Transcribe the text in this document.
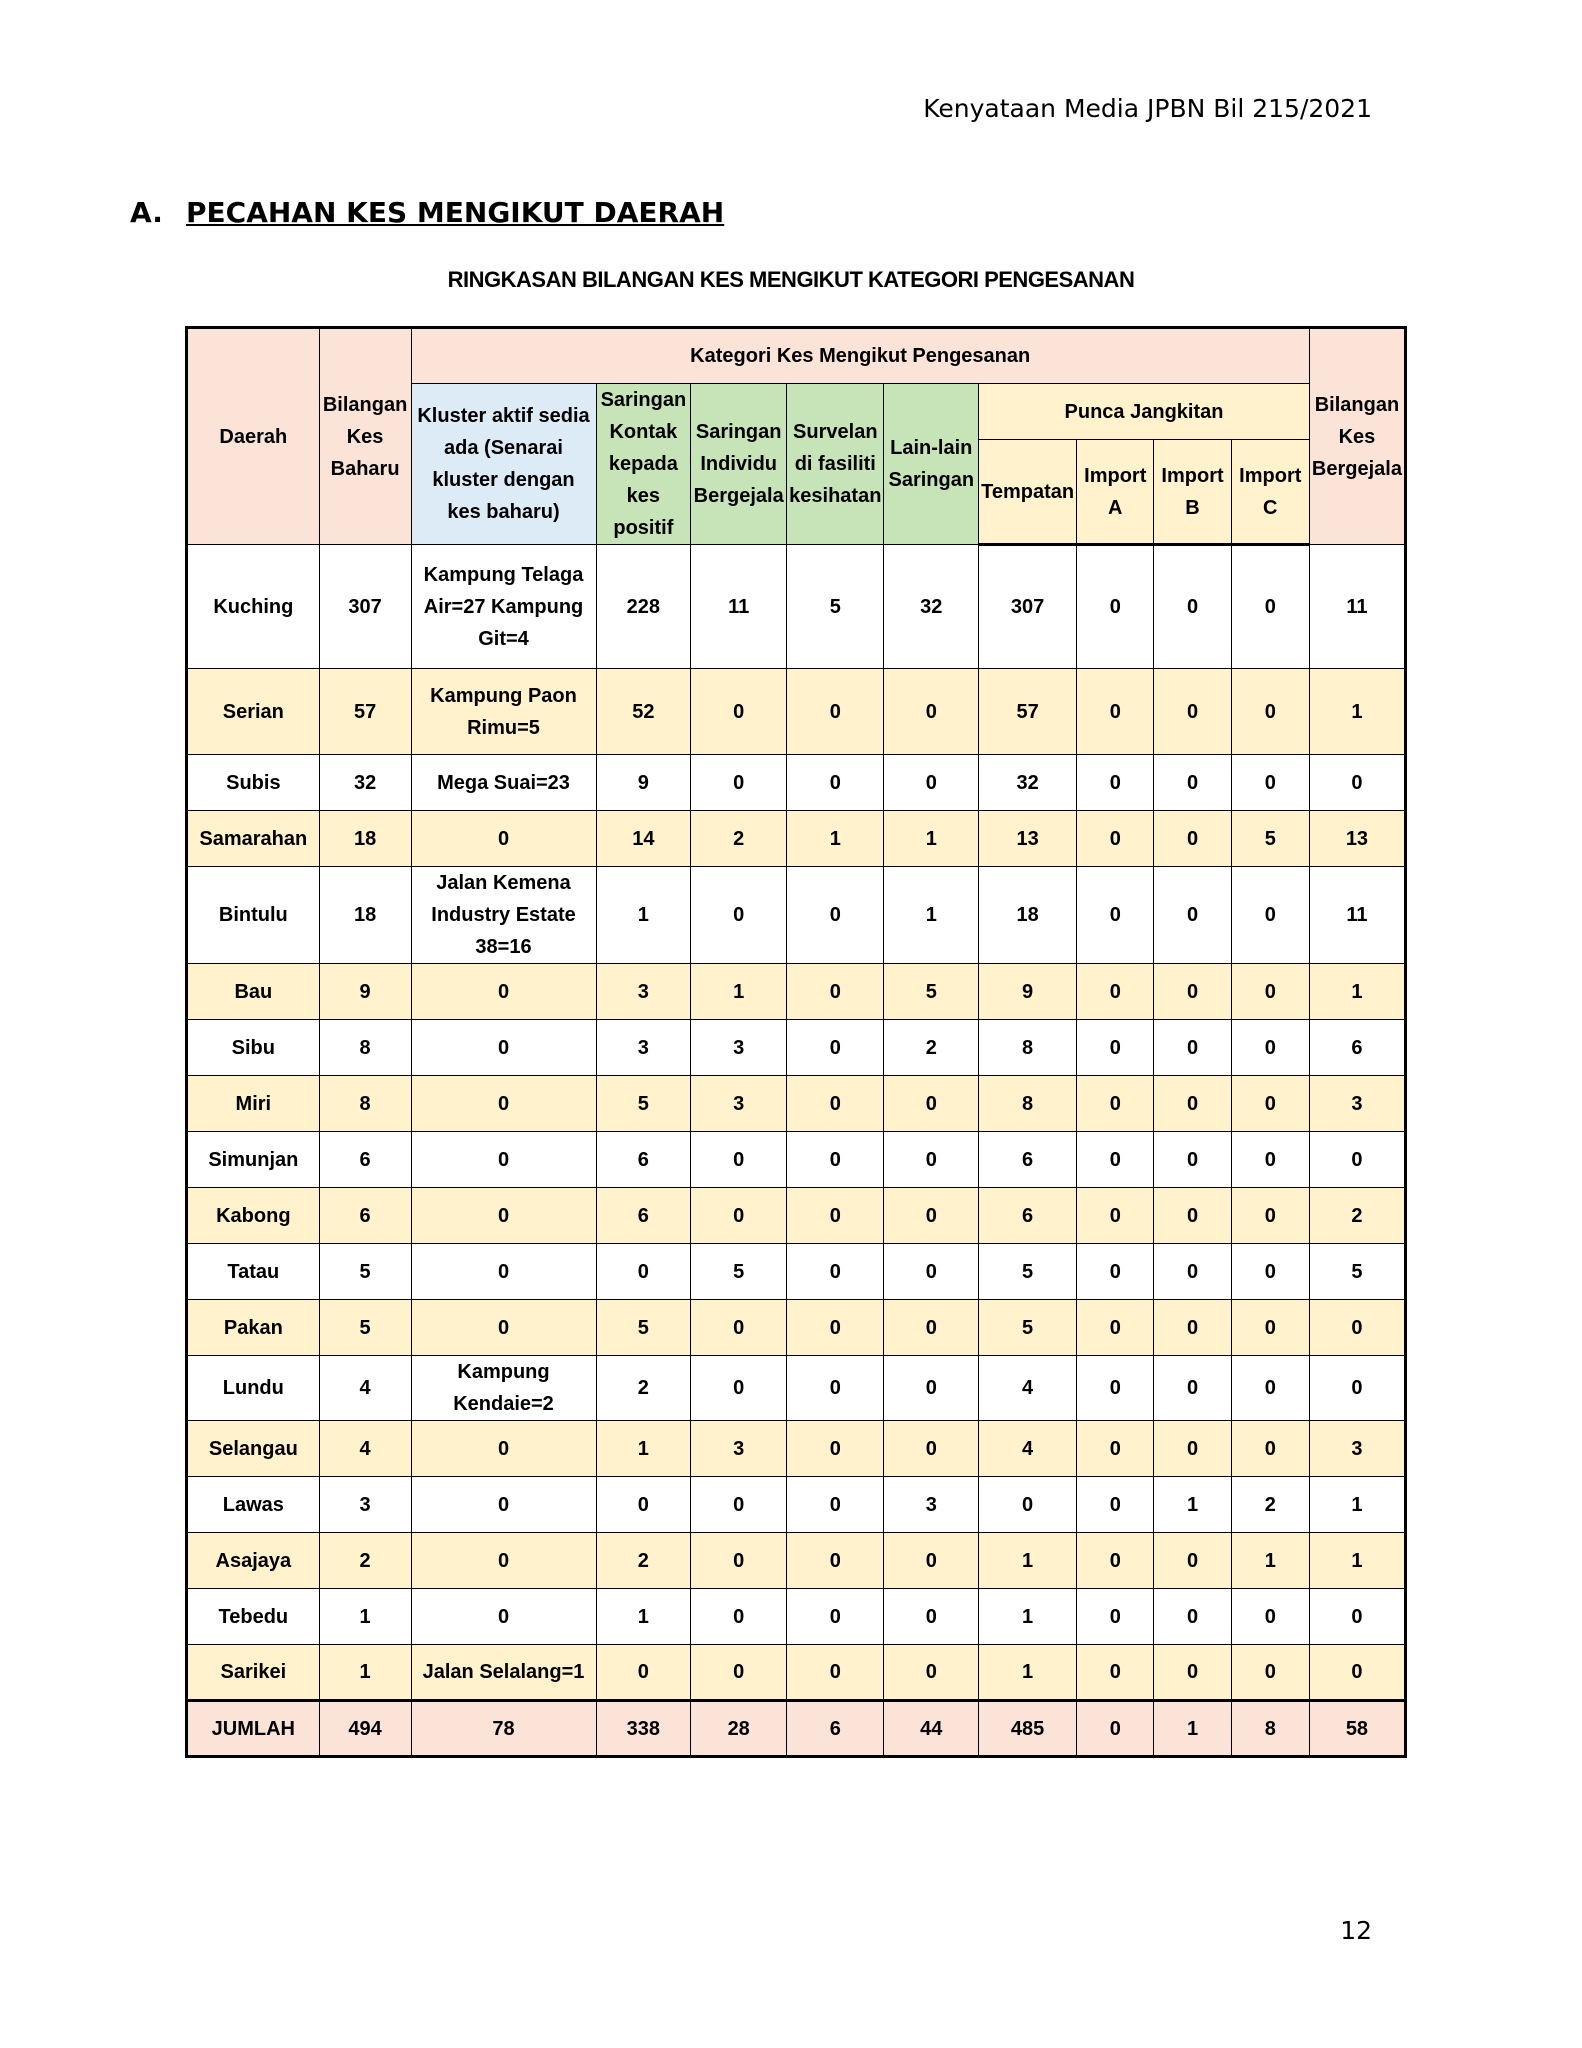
Kenyataan Media JPBN Bil 215/2021
A. PECAHAN KES MENGIKUT DAERAH
RINGKASAN BILANGAN KES MENGIKUT KATEGORI PENGESANAN
Daerah	Bilangan Kes Baharu	Kategori Kes Mengikut Pengesanan									Bilangan Kes Bergejala
		Kluster aktif sedia ada (Senarai kluster dengan kes baharu)	Saringan Kontak kepada kes positif	Saringan Individu Bergejala	Survelan di fasiliti kesihatan	Lain-lain Saringan	Punca Jangkitan				
							Tempatan	Import A	Import B	Import C	
Kuching	307	Kampung Telaga Air=27 Kampung Git=4	228	11	5	32	307	0	0	0	11
Serian	57	Kampung Paon Rimu=5	52	0	0	0	57	0	0	0	1
Subis	32	Mega Suai=23	9	0	0	0	32	0	0	0	0
Samarahan	18	0	14	2	1	1	13	0	0	5	13
Bintulu	18	Jalan Kemena Industry Estate 38=16	1	0	0	1	18	0	0	0	11
Bau	9	0	3	1	0	5	9	0	0	0	1
Sibu	8	0	3	3	0	2	8	0	0	0	6
Miri	8	0	5	3	0	0	8	0	0	0	3
Simunjan	6	0	6	0	0	0	6	0	0	0	0
Kabong	6	0	6	0	0	0	6	0	0	0	2
Tatau	5	0	0	5	0	0	5	0	0	0	5
Pakan	5	0	5	0	0	0	5	0	0	0	0
Lundu	4	Kampung Kendaie=2	2	0	0	0	4	0	0	0	0
Selangau	4	0	1	3	0	0	4	0	0	0	3
Lawas	3	0	0	0	0	3	0	0	1	2	1
Asajaya	2	0	2	0	0	0	1	0	0	1	1
Tebedu	1	0	1	0	0	0	1	0	0	0	0
Sarikei	1	Jalan Selalang=1	0	0	0	0	1	0	0	0	0
JUMLAH	494	78	338	28	6	44	485	0	1	8	58
12
